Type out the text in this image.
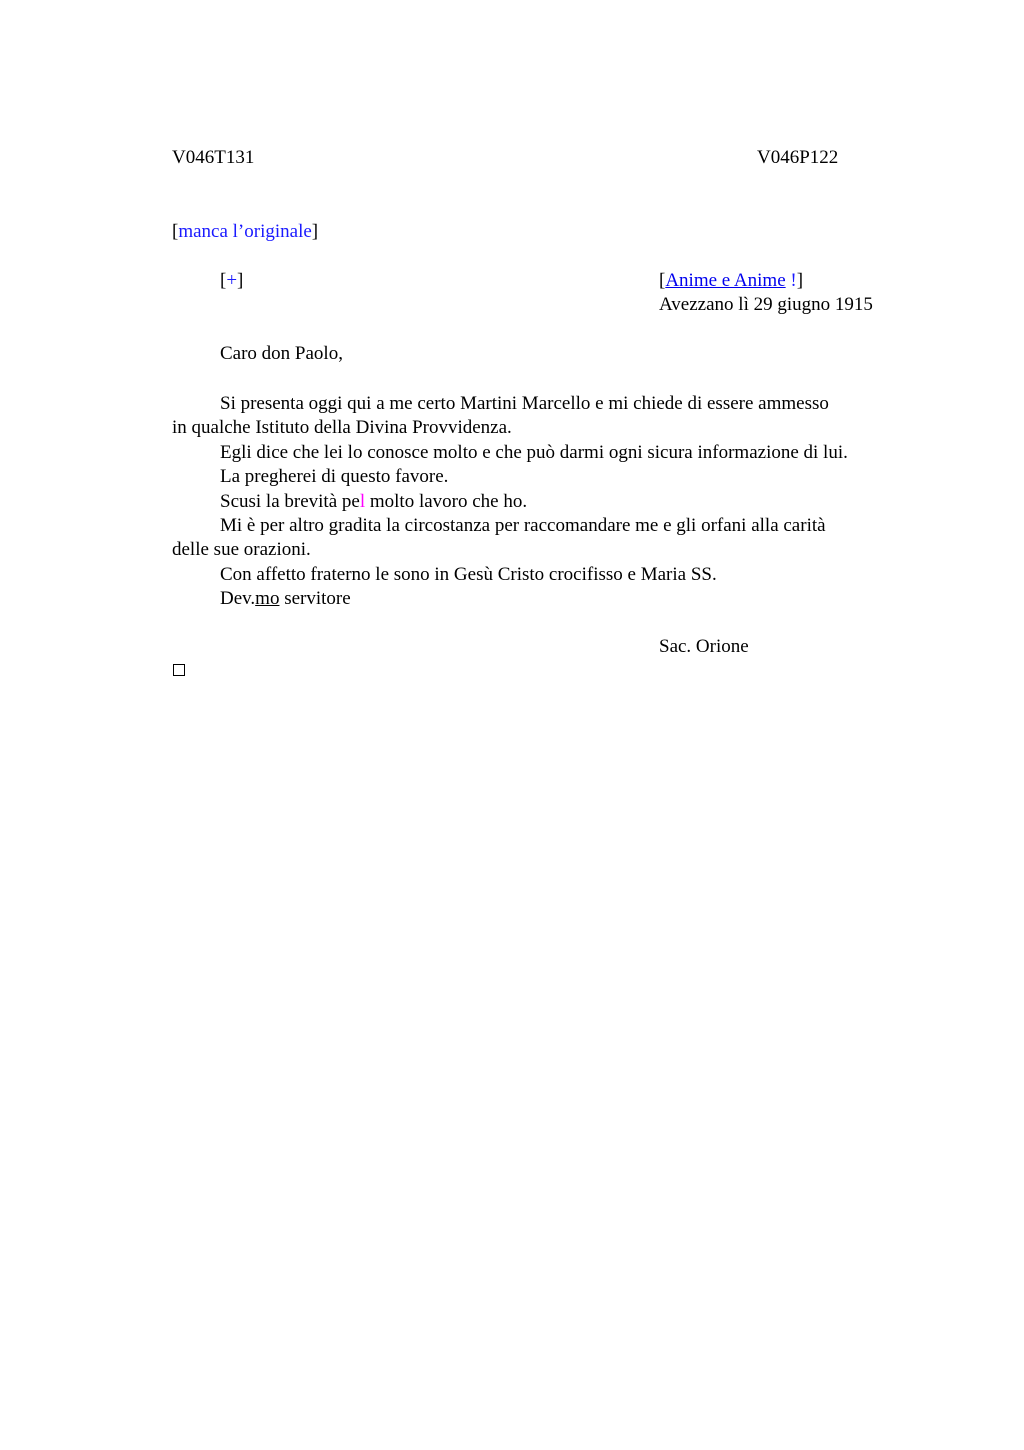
V046T131	V046P122
[manca l’originale]
[+]	[Anime e Anime !]
Avezzano lì 29 giugno 1915
Caro don Paolo,

Si presenta oggi qui a me certo Martini Marcello e mi chiede di essere ammesso

in qualche Istituto della Divina Provvidenza.

Egli dice che lei lo conosce molto e che può darmi ogni sicura informazione di lui.

La pregherei di questo favore.

Scusi la brevità pel molto lavoro che ho.

Mi è per altro gradita la circostanza per raccomandare me e gli orfani alla carità

delle sue orazioni.

Con affetto fraterno le sono in Gesù Cristo crocifisso e Maria SS.

Dev.mo servitore

Sac. Orione
